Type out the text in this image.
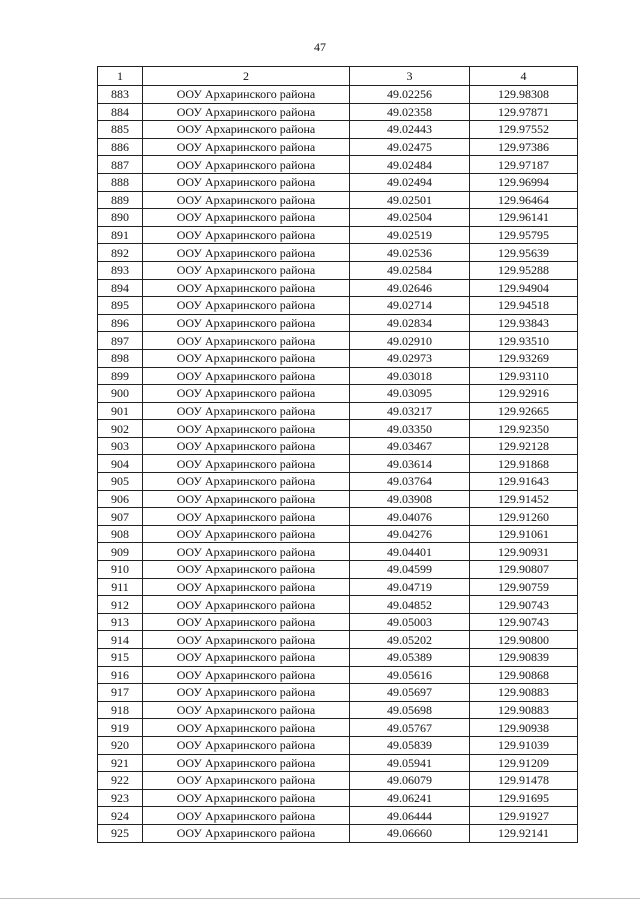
47
1	2	3	4
883	ООУ Архаринского района	49.02256	129.98308
884	ООУ Архаринского района	49.02358	129.97871
885	ООУ Архаринского района	49.02443	129.97552
886	ООУ Архаринского района	49.02475	129.97386
887	ООУ Архаринского района	49.02484	129.97187
888	ООУ Архаринского района	49.02494	129.96994
889	ООУ Архаринского района	49.02501	129.96464
890	ООУ Архаринского района	49.02504	129.96141
891	ООУ Архаринского района	49.02519	129.95795
892	ООУ Архаринского района	49.02536	129.95639
893	ООУ Архаринского района	49.02584	129.95288
894	ООУ Архаринского района	49.02646	129.94904
895	ООУ Архаринского района	49.02714	129.94518
896	ООУ Архаринского района	49.02834	129.93843
897	ООУ Архаринского района	49.02910	129.93510
898	ООУ Архаринского района	49.02973	129.93269
899	ООУ Архаринского района	49.03018	129.93110
900	ООУ Архаринского района	49.03095	129.92916
901	ООУ Архаринского района	49.03217	129.92665
902	ООУ Архаринского района	49.03350	129.92350
903	ООУ Архаринского района	49.03467	129.92128
904	ООУ Архаринского района	49.03614	129.91868
905	ООУ Архаринского района	49.03764	129.91643
906	ООУ Архаринского района	49.03908	129.91452
907	ООУ Архаринского района	49.04076	129.91260
908	ООУ Архаринского района	49.04276	129.91061
909	ООУ Архаринского района	49.04401	129.90931
910	ООУ Архаринского района	49.04599	129.90807
911	ООУ Архаринского района	49.04719	129.90759
912	ООУ Архаринского района	49.04852	129.90743
913	ООУ Архаринского района	49.05003	129.90743
914	ООУ Архаринского района	49.05202	129.90800
915	ООУ Архаринского района	49.05389	129.90839
916	ООУ Архаринского района	49.05616	129.90868
917	ООУ Архаринского района	49.05697	129.90883
918	ООУ Архаринского района	49.05698	129.90883
919	ООУ Архаринского района	49.05767	129.90938
920	ООУ Архаринского района	49.05839	129.91039
921	ООУ Архаринского района	49.05941	129.91209
922	ООУ Архаринского района	49.06079	129.91478
923	ООУ Архаринского района	49.06241	129.91695
924	ООУ Архаринского района	49.06444	129.91927
925	ООУ Архаринского района	49.06660	129.92141
